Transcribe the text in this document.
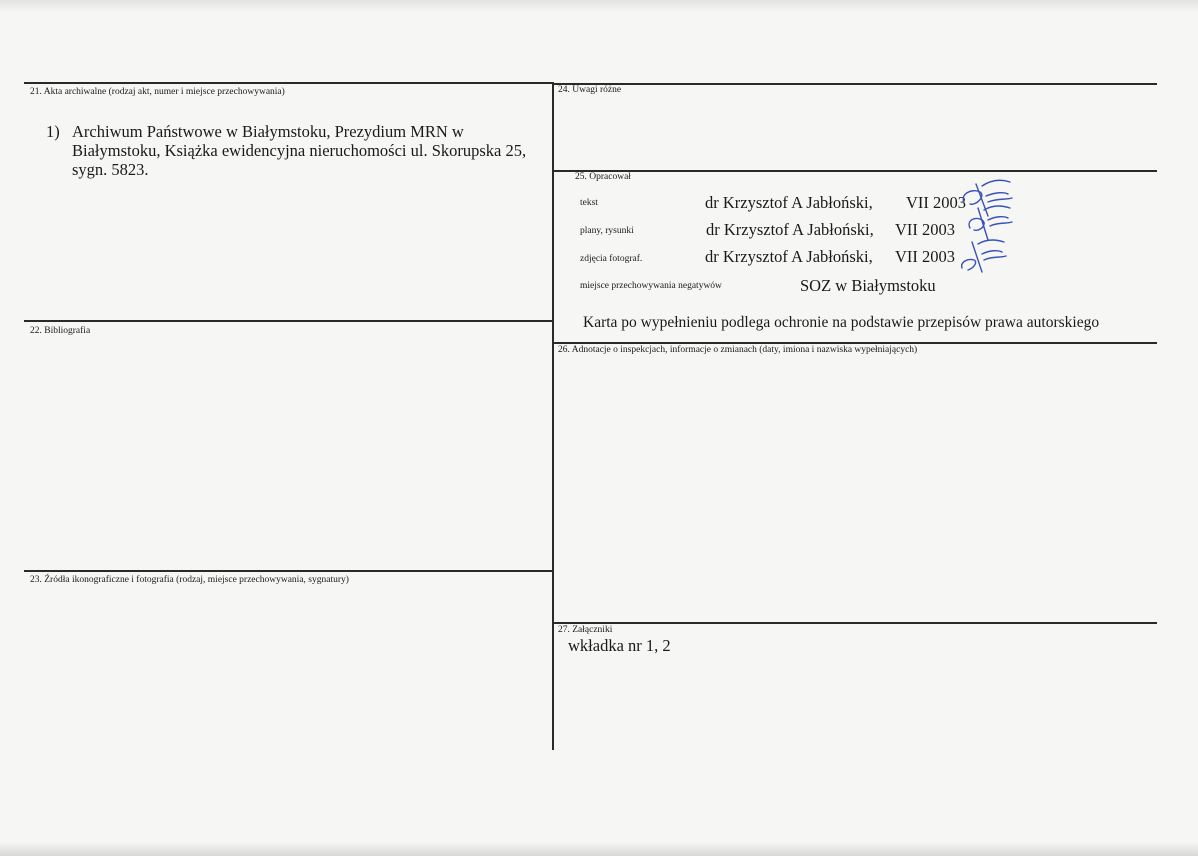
21. Akta archiwalne (rodzaj akt, numer i miejsce przechowywania)
22. Bibliografia
23. Źródła ikonograficzne i fotografia (rodzaj, miejsce przechowywania, sygnatury)
24. Uwagi różne
25. Opracował
26. Adnotacje o inspekcjach, informacje o zmianach (daty, imiona i nazwiska wypełniających)
27. Załączniki
1) Archiwum Państwowe w Białymstoku, Prezydium MRN w
Białymstoku, Książka ewidencyjna nieruchomości ul. Skorupska 25,
sygn. 5823.
tekst	dr Krzysztof A Jabłoński, VII 2003
plany, rysunki	dr Krzysztof A Jabłoński, VII 2003
zdjęcia fotograf.	dr Krzysztof A Jabłoński, VII 2003
miejsce przechowywania negatywów	SOZ w Białymstoku
Karta po wypełnieniu podlega ochronie na podstawie przepisów prawa autorskiego
wkładka nr 1, 2
